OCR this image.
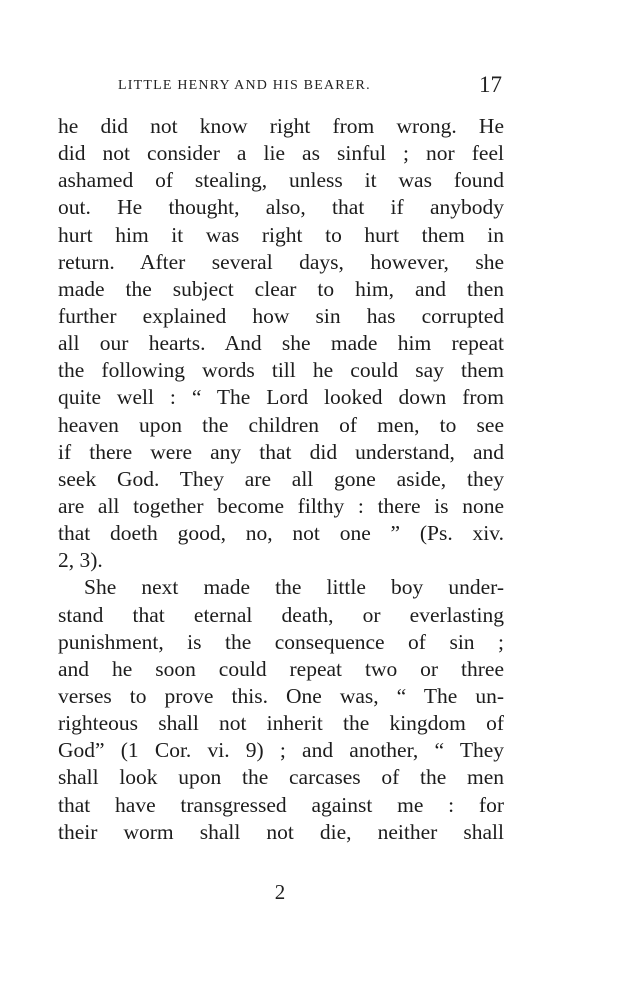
LITTLE HENRY AND HIS BEARER.	17
he did not know right from wrong. He
did not consider a lie as sinful ; nor feel
ashamed of stealing, unless it was found
out. He thought, also, that if anybody
hurt him it was right to hurt them in
return. After several days, however, she
made the subject clear to him, and then
further explained how sin has corrupted
all our hearts. And she made him repeat
the following words till he could say them
quite well : “ The Lord looked down from
heaven upon the children of men, to see
if there were any that did understand, and
seek God. They are all gone aside, they
are all together become filthy : there is none
that doeth good, no, not one ” (Ps. xiv.
2, 3).
She next made the little boy under-
stand that eternal death, or everlasting
punishment, is the consequence of sin ;
and he soon could repeat two or three
verses to prove this. One was, “ The un-
righteous shall not inherit the kingdom of
God” (1 Cor. vi. 9) ; and another, “ They
shall look upon the carcases of the men
that have transgressed against me : for
their worm shall not die, neither shall
2
